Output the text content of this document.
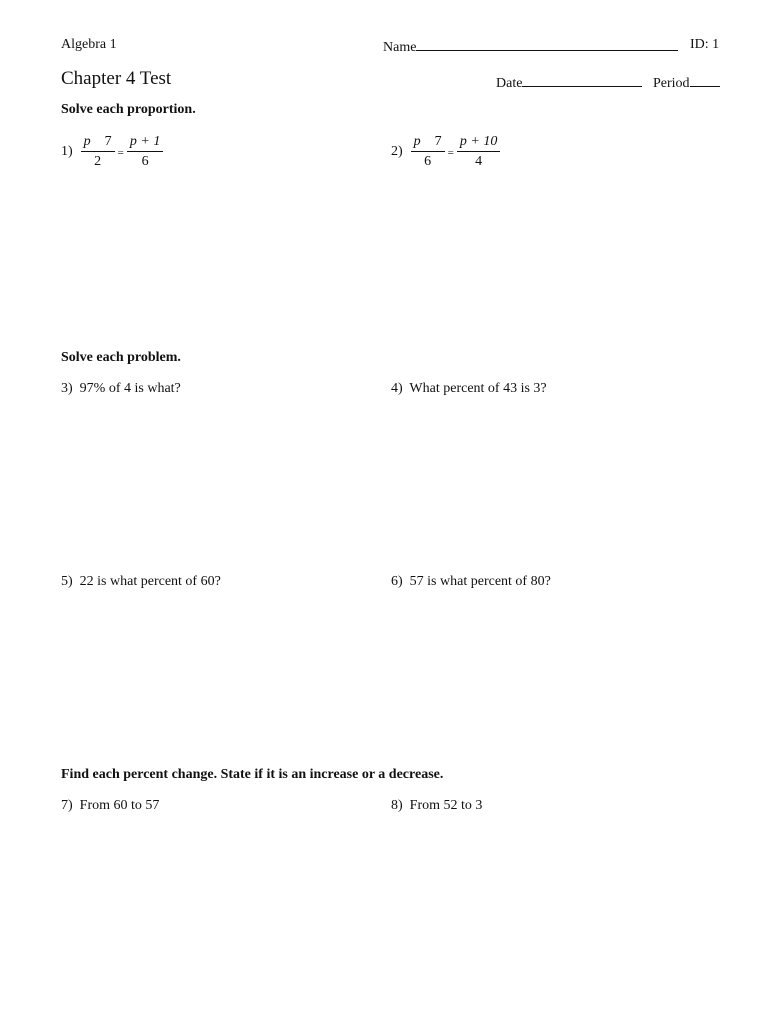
Algebra 1	Name	ID: 1
Chapter 4 Test	Date	Period
Solve each proportion.
$1) \frac{p 7}{2} = \frac{p + 1}{6}$	$2) \frac{p 7}{6} = \frac{p + 10}{4}$
Solve each problem.
3) 97% of 4 is what?	4) What percent of 43 is 3?
5) 22 is what percent of 60?	6) 57 is what percent of 80?
Find each percent change. State if it is an increase or a decrease.
7) From 60 to 57	8) From 52 to 3
